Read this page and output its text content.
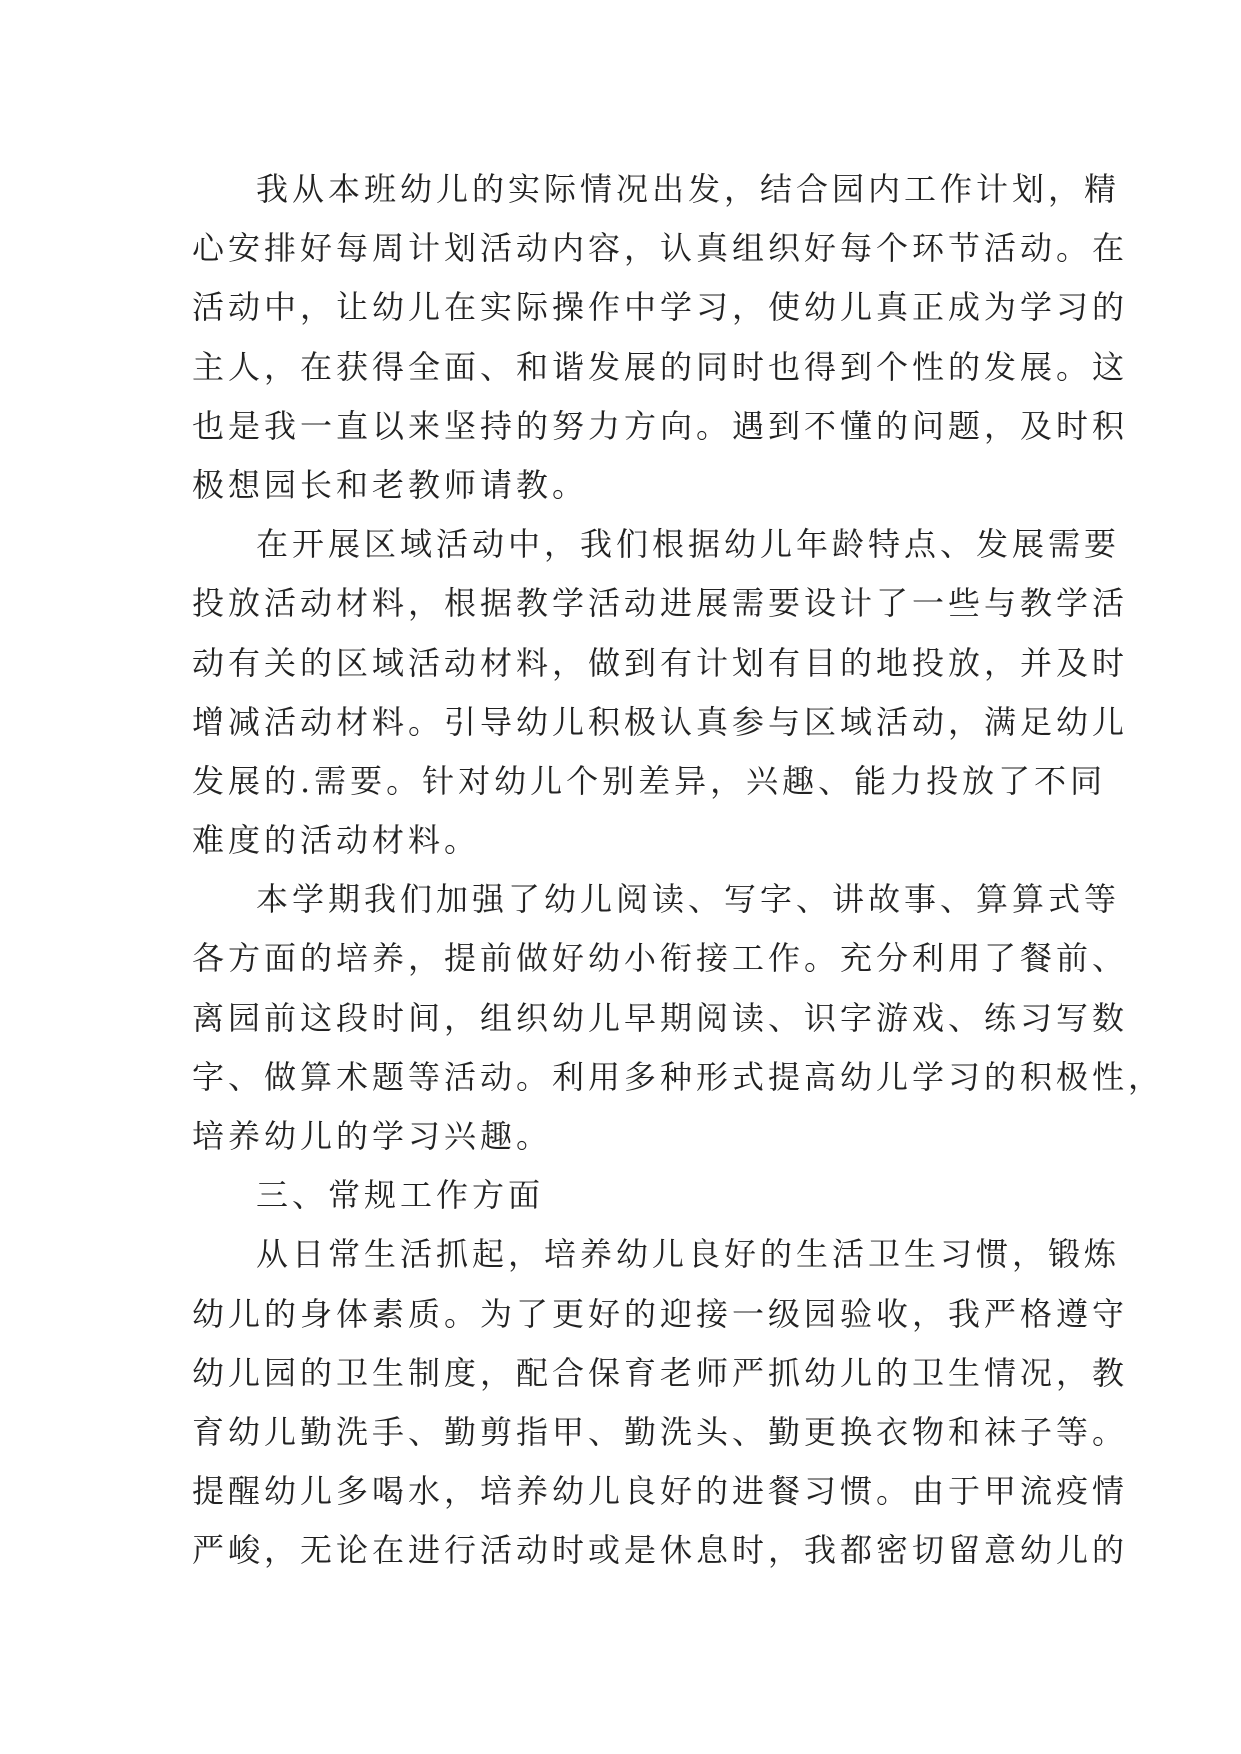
我从本班幼儿的实际情况出发，结合园内工作计划，精
心安排好每周计划活动内容，认真组织好每个环节活动。在
活动中，让幼儿在实际操作中学习，使幼儿真正成为学习的
主人，在获得全面、和谐发展的同时也得到个性的发展。这
也是我一直以来坚持的努力方向。遇到不懂的问题，及时积
极想园长和老教师请教。
在开展区域活动中，我们根据幼儿年龄特点、发展需要
投放活动材料，根据教学活动进展需要设计了一些与教学活
动有关的区域活动材料，做到有计划有目的地投放，并及时
增减活动材料。引导幼儿积极认真参与区域活动，满足幼儿
发展的.需要。针对幼儿个别差异，兴趣、能力投放了不同
难度的活动材料。
本学期我们加强了幼儿阅读、写字、讲故事、算算式等
各方面的培养，提前做好幼小衔接工作。充分利用了餐前、
离园前这段时间，组织幼儿早期阅读、识字游戏、练习写数
字、做算术题等活动。利用多种形式提高幼儿学习的积极性，
培养幼儿的学习兴趣。
三、常规工作方面
从日常生活抓起，培养幼儿良好的生活卫生习惯，锻炼
幼儿的身体素质。为了更好的迎接一级园验收，我严格遵守
幼儿园的卫生制度，配合保育老师严抓幼儿的卫生情况，教
育幼儿勤洗手、勤剪指甲、勤洗头、勤更换衣物和袜子等。
提醒幼儿多喝水，培养幼儿良好的进餐习惯。由于甲流疫情
严峻，无论在进行活动时或是休息时，我都密切留意幼儿的
